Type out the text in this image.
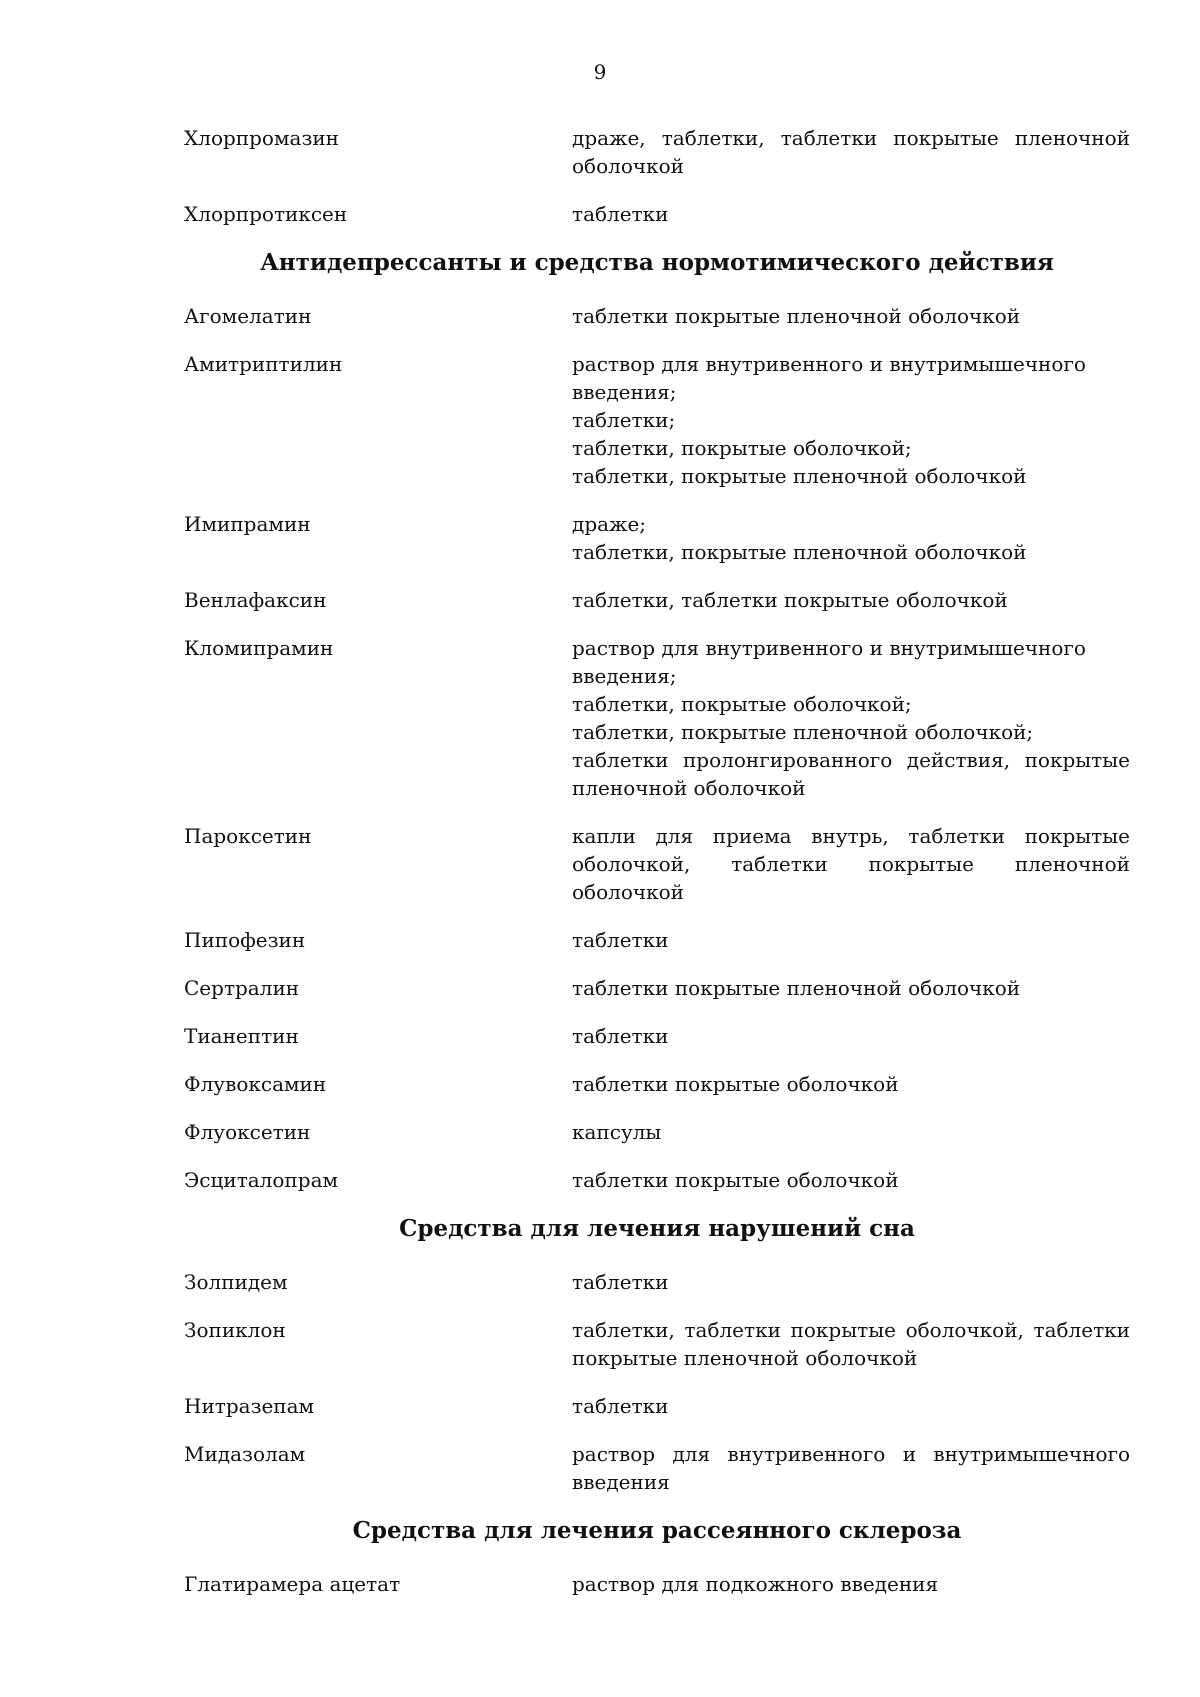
9
Хлорпромазин	драже, таблетки, таблетки покрытые пленочной
оболочкой
Хлорпротиксен	таблетки
Антидепрессанты и средства нормотимического действия
Агомелатин	таблетки покрытые пленочной оболочкой
Амитриптилин	раствор для внутривенного и внутримышечного
введения;
таблетки;
таблетки, покрытые оболочкой;
таблетки, покрытые пленочной оболочкой
Имипрамин	драже;
таблетки, покрытые пленочной оболочкой
Венлафаксин	таблетки, таблетки покрытые оболочкой
Кломипрамин	раствор для внутривенного и внутримышечного
введения;
таблетки, покрытые оболочкой;
таблетки, покрытые пленочной оболочкой;
таблетки пролонгированного действия, покрытые
пленочной оболочкой
Пароксетин	капли для приема внутрь, таблетки покрытые
оболочкой, таблетки покрытые пленочной оболочкой
Пипофезин	таблетки
Сертралин	таблетки покрытые пленочной оболочкой
Тианептин	таблетки
Флувоксамин	таблетки покрытые оболочкой
Флуоксетин	капсулы
Эсциталопрам	таблетки покрытые оболочкой
Средства для лечения нарушений сна
Золпидем	таблетки
Зопиклон	таблетки, таблетки покрытые оболочкой, таблетки
покрытые пленочной оболочкой
Нитразепам	таблетки
Мидазолам	раствор для внутривенного и внутримышечного
введения
Средства для лечения рассеянного склероза
Глатирамера ацетат	раствор для подкожного введения
